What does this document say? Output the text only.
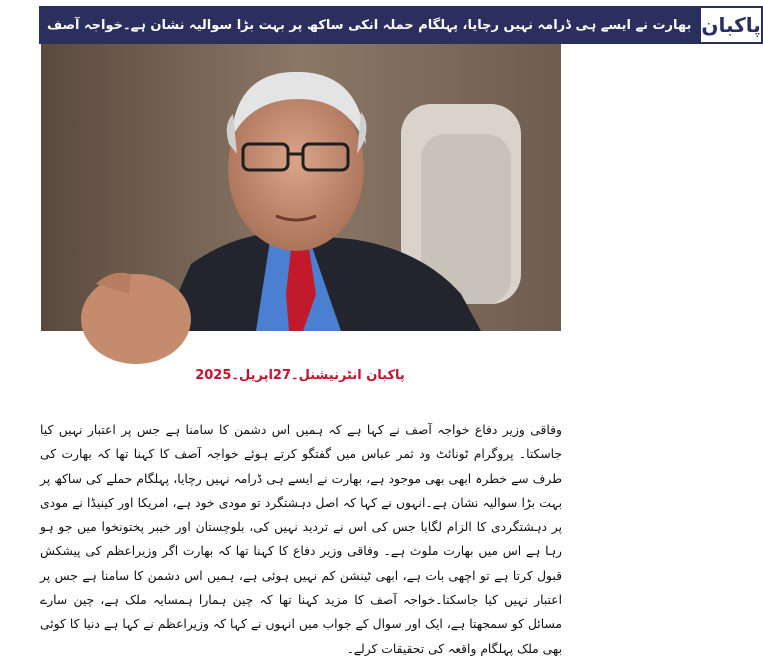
بھارت نے ایسے ہی ڈرامہ نہیں رچایا، پہلگام حملہ انکی ساکھ پر بہت بڑا سوالیہ نشان ہے۔خواجہ آصف پاکبان
پاکبان انٹرنیشنل۔27اپریل۔2025
وفاقی وزیر دفاع خواجہ آصف نے کہا ہے کہ ہمیں اس دشمن کا سامنا ہے جس پر اعتبار نہیں کیا جاسکتا۔ پروگرام ٹونائٹ ود ثمر عباس میں گفتگو کرتے ہوئے خواجہ آصف کا کہنا تھا کہ بھارت کی طرف سے خطرہ ابھی بھی موجود ہے، بھارت نے ایسے ہی ڈرامہ نہیں رچایا، پہلگام حملے کی ساکھ پر بہت بڑا سوالیہ نشان ہے۔انہوں نے کہا کہ اصل دہشتگرد تو مودی خود ہے، امریکا اور کینیڈا نے مودی پر دہشتگردی کا الزام لگایا جس کی اس نے تردید نہیں کی، بلوچستان اور خیبر پختونخوا میں جو ہو رہا ہے اس میں بھارت ملوث ہے۔ وفاقی وزیر دفاع کا کہنا تھا کہ بھارت اگر وزیراعظم کی پیشکش قبول کرتا ہے تو اچھی بات ہے، ابھی ٹینشن کم نہیں ہوئی ہے، ہمیں اس دشمن کا سامنا ہے جس پر اعتبار نہیں کیا جاسکتا۔خواجہ آصف کا مزید کہنا تھا کہ چین ہمارا ہمسایہ ملک ہے، چین سارے مسائل کو سمجھتا ہے، ایک اور سوال کے جواب میں انہوں نے کہا کہ وزیراعظم نے کہا ہے دنیا کا کوئی بھی ملک پہلگام واقعہ کی تحقیقات کرلے۔
